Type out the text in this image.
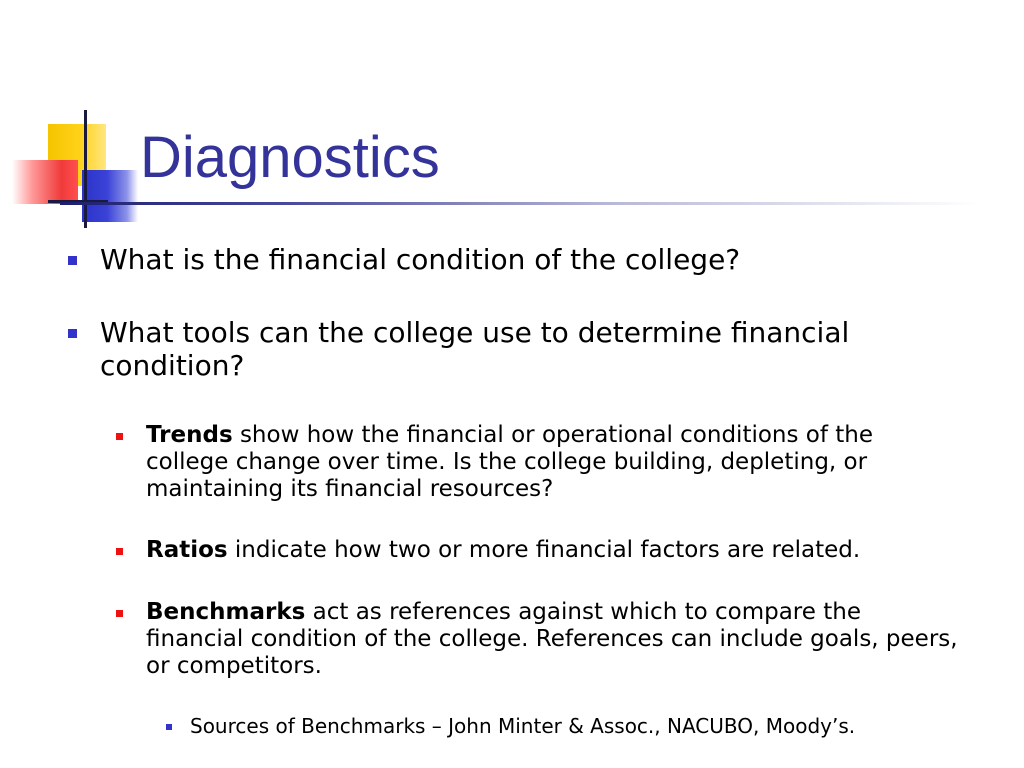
Diagnostics
What is the financial condition of the college?
What tools can the college use to determine financial condition?
Trends show how the financial or operational conditions of the college change over time. Is the college building, depleting, or maintaining its financial resources?
Ratios indicate how two or more financial factors are related.
Benchmarks act as references against which to compare the financial condition of the college. References can include goals, peers, or competitors.
Sources of Benchmarks – John Minter & Assoc., NACUBO, Moody’s.
